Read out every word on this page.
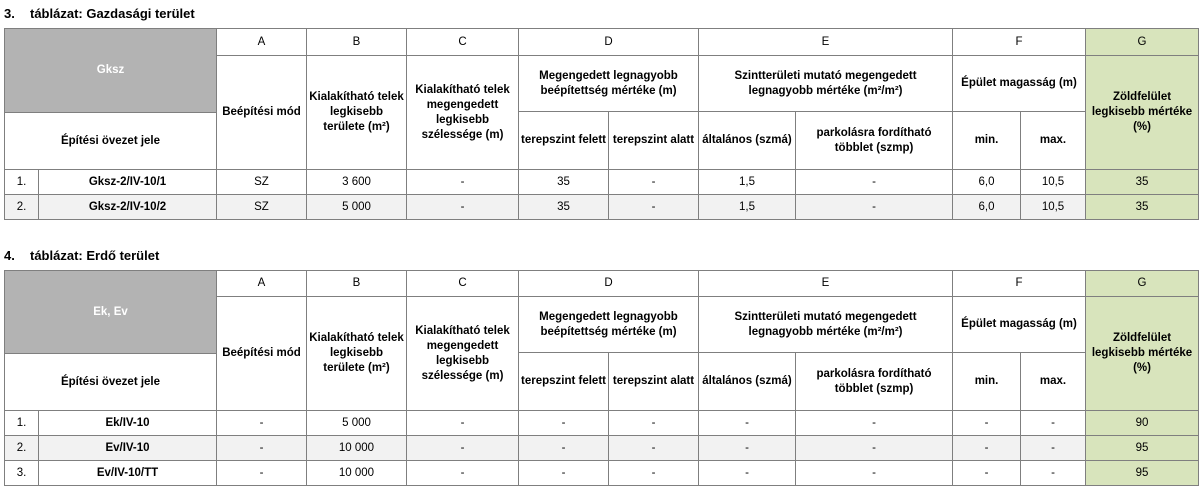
3. táblázat: Gazdasági terület
Gksz		A	B	C	D		E		F		G
		Beépítési mód	Kialakítható telek legkisebb területe (m²)	Kialakítható telek megengedett legkisebb szélessége (m)	Megengedett legnagyobb beépítettség mértéke (m)		Szintterületi mutató megengedett legnagyobb mértéke (m²/m²)		Épület magasság (m)		Zöldfelület legkisebb mértéke (%)
					terepszint felett	terepszint alatt	általános (szmá)	parkolásra fordítható többlet (szmp)	min.	max.	
Építési övezet jele											
1.	Gksz-2/IV-10/1	SZ	3 600	-	35	-	1,5	-	6,0	10,5	35
2.	Gksz-2/IV-10/2	SZ	5 000	-	35	-	1,5	-	6,0	10,5	35
4. táblázat: Erdő terület
Ek, Ev		A	B	C	D		E		F		G
		Beépítési mód	Kialakítható telek legkisebb területe (m²)	Kialakítható telek megengedett legkisebb szélessége (m)	Megengedett legnagyobb beépítettség mértéke (m)		Szintterületi mutató megengedett legnagyobb mértéke (m²/m²)		Épület magasság (m)		Zöldfelület legkisebb mértéke (%)
					terepszint felett	terepszint alatt	általános (szmá)	parkolásra fordítható többlet (szmp)	min.	max.	
Építési övezet jele											
1.	Ek/IV-10	-	5 000	-	-	-	-	-	-	-	90
2.	Ev/IV-10	-	10 000	-	-	-	-	-	-	-	95
3.	Ev/IV-10/TT	-	10 000	-	-	-	-	-	-	-	95
